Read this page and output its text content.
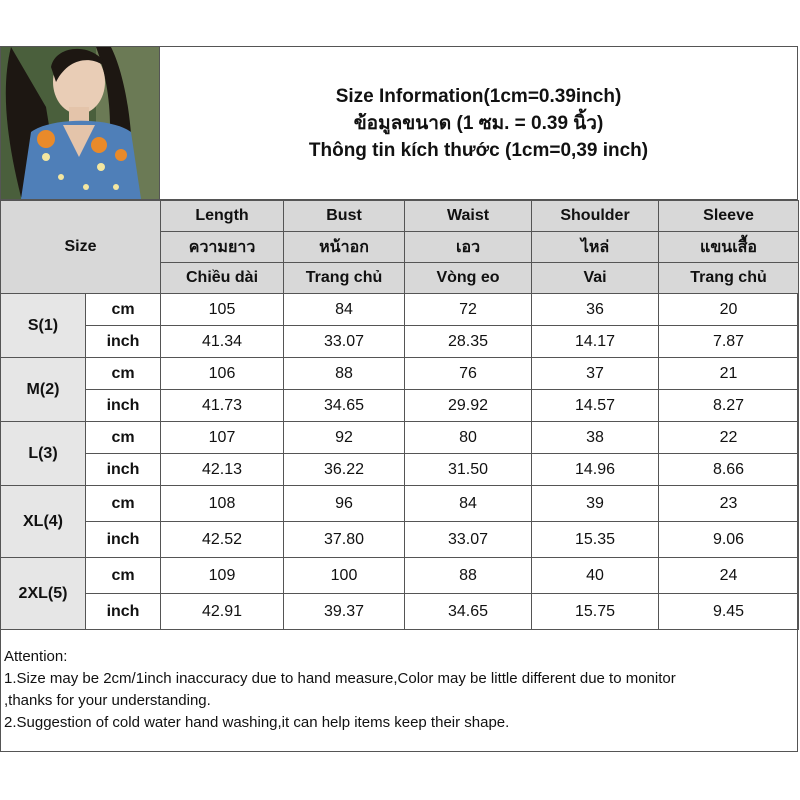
Size Information(1cm=0.39inch)
ข้อมูลขนาด (1 ซม. = 0.39 นิ้ว)
Thông tin kích thước (1cm=0,39 inch)
Size		Length	Bust	Waist	Shoulder	Sleeve
		ความยาว	หน้าอก	เอว	ไหล่	แขนเสื้อ
		Chiều dài	Trang chủ	Vòng eo	Vai	Trang chủ
S(1)	cm	105	84	72	36	20
	inch	41.34	33.07	28.35	14.17	7.87
M(2)	cm	106	88	76	37	21
	inch	41.73	34.65	29.92	14.57	8.27
L(3)	cm	107	92	80	38	22
	inch	42.13	36.22	31.50	14.96	8.66
XL(4)	cm	108	96	84	39	23
	inch	42.52	37.80	33.07	15.35	9.06
2XL(5)	cm	109	100	88	40	24
	inch	42.91	39.37	34.65	15.75	9.45
Attention:
1.Size may be 2cm/1inch inaccuracy due to hand measure,Color may be little different due to monitor
,thanks for your understanding.
2.Suggestion of cold water hand washing,it can help items keep their shape.
